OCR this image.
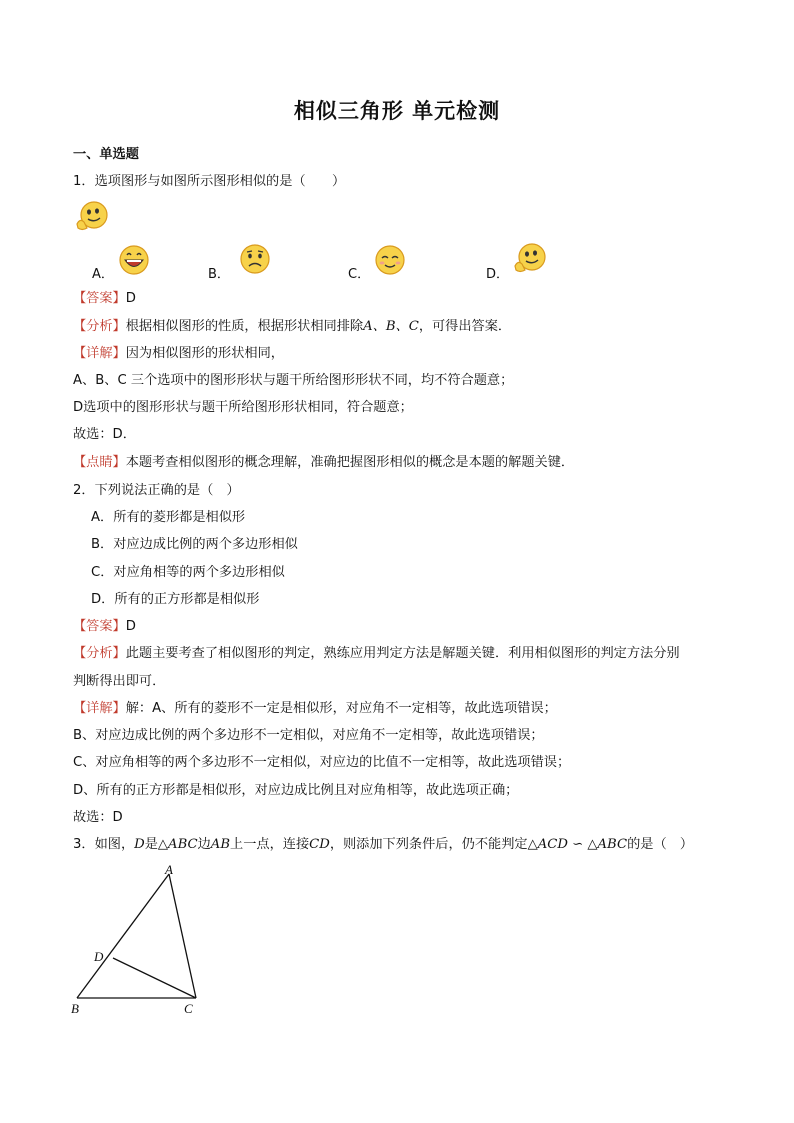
相似三角形 单元检测
一、单选题
1．选项图形与如图所示图形相似的是（　　）
A．	B．	C．	D．
【答案】D
【分析】根据相似图形的性质，根据形状相同排除A、B、C，可得出答案．
【详解】因为相似图形的形状相同，
A、B、C 三个选项中的图形形状与题干所给图形形状不同，均不符合题意；
D选项中的图形形状与题干所给图形形状相同，符合题意；
故选：D．
【点睛】本题考查相似图形的概念理解，准确把握图形相似的概念是本题的解题关键．
2．下列说法正确的是（　）
A．所有的菱形都是相似形
B．对应边成比例的两个多边形相似
C．对应角相等的两个多边形相似
D．所有的正方形都是相似形
【答案】D
【分析】此题主要考查了相似图形的判定，熟练应用判定方法是解题关键．利用相似图形的判定方法分别
判断得出即可．
【详解】解：A、所有的菱形不一定是相似形，对应角不一定相等，故此选项错误；
B、对应边成比例的两个多边形不一定相似，对应角不一定相等，故此选项错误；
C、对应角相等的两个多边形不一定相似，对应边的比值不一定相等，故此选项错误；
D、所有的正方形都是相似形，对应边成比例且对应角相等，故此选项正确；
故选：D
3．如图，D是△ABC边AB上一点，连接CD，则添加下列条件后，仍不能判定△ACD ∽ △ABC的是（　）
A
D
B	C
